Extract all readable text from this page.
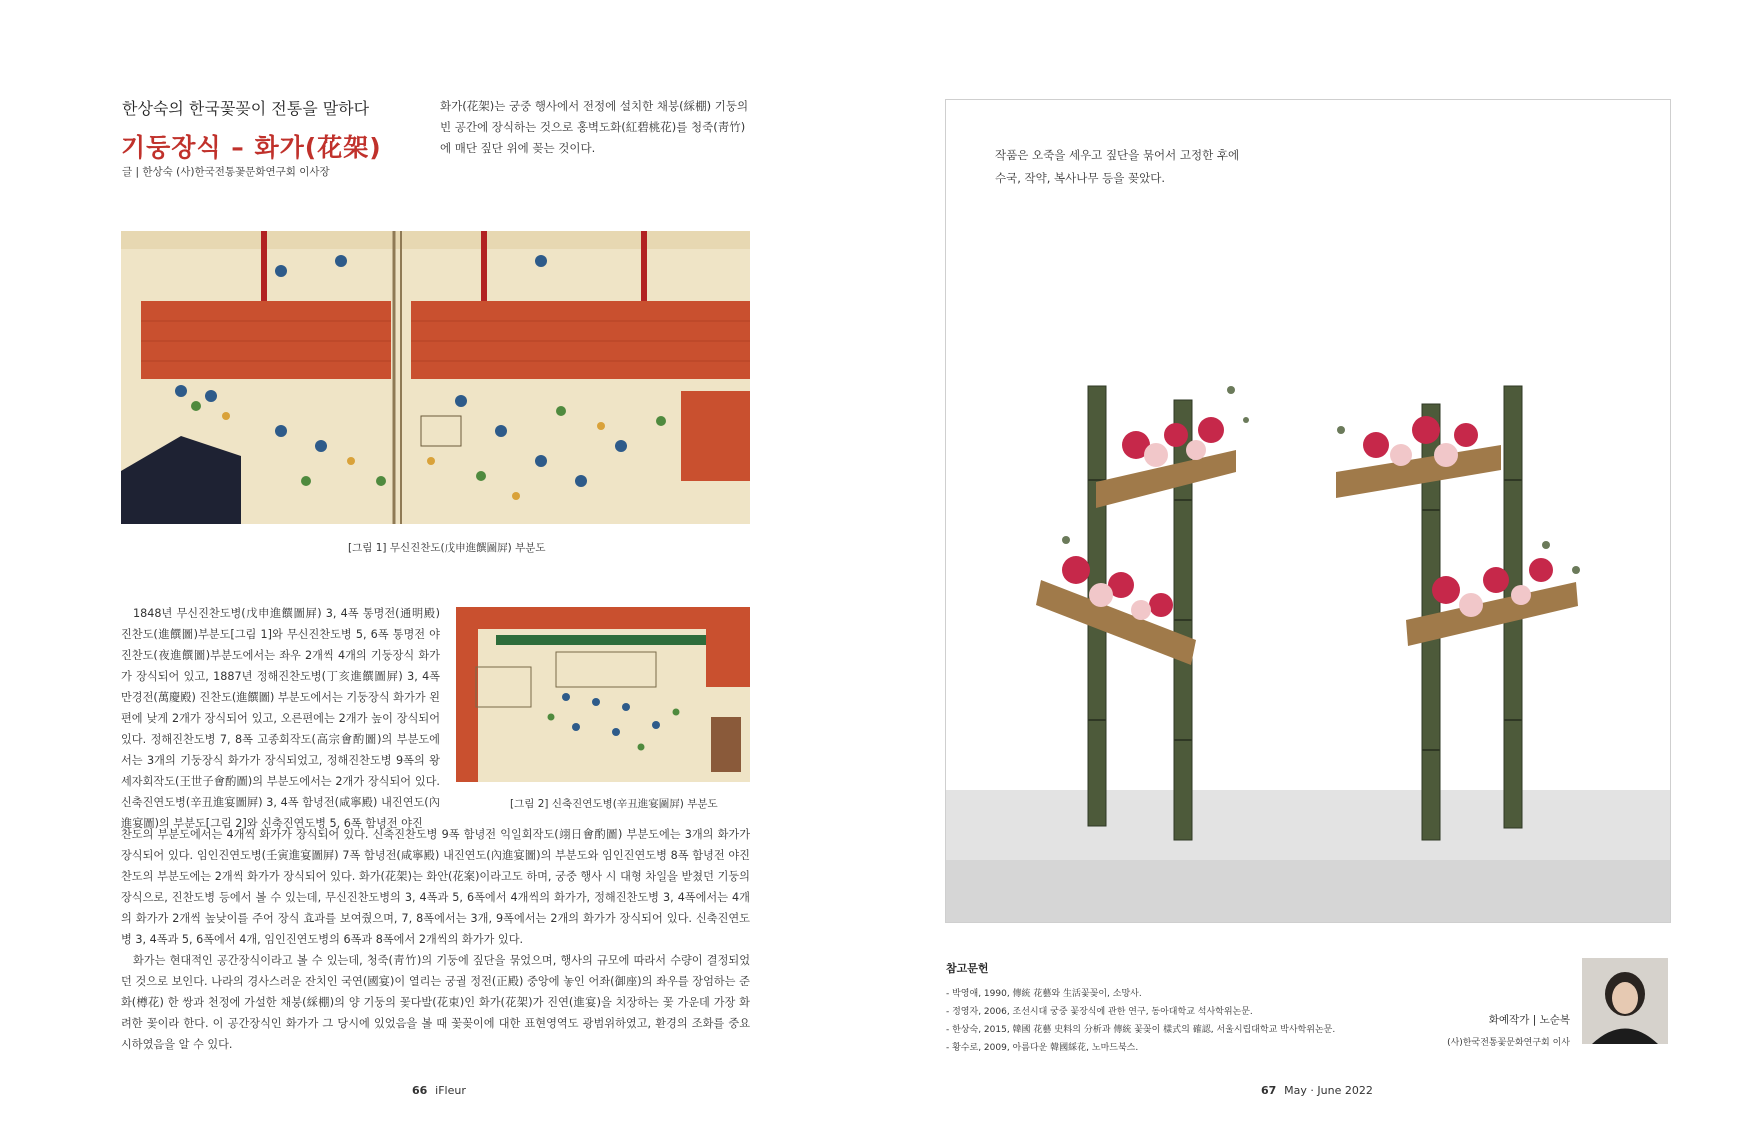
한상숙의 한국꽃꽂이 전통을 말하다
기둥장식 – 화가(花架)
글 | 한상숙 (사)한국전통꽃문화연구회 이사장
화가(花架)는 궁중 행사에서 전정에 설치한 채붕(綵棚) 기둥의 빈 공간에 장식하는 것으로 홍벽도화(紅碧桃花)를 청죽(靑竹)에 매단 짚단 위에 꽂는 것이다.
[그림 1] 무신진찬도(戊申進饌圖屛) 부분도
[그림 2] 신축진연도병(辛丑進宴圖屛) 부분도

1848년 무신진찬도병(戊申進饌圖屛) 3, 4폭 통명전(通明殿) 진찬도(進饌圖)부분도[그림 1]와 무신진찬도병 5, 6폭 통명전 야진찬도(夜進饌圖)부분도에서는 좌우 2개씩 4개의 기둥장식 화가가 장식되어 있고, 1887년 정해진찬도병(丁亥進饌圖屛) 3, 4폭 만경전(萬慶殿) 진찬도(進饌圖) 부분도에서는 기둥장식 화가가 왼편에 낮게 2개가 장식되어 있고, 오른편에는 2개가 높이 장식되어 있다. 정해진찬도병 7, 8폭 고종회작도(高宗會酌圖)의 부분도에서는 3개의 기둥장식 화가가 장식되었고, 정해진찬도병 9폭의 왕세자회작도(王世子會酌圖)의 부분도에서는 2개가 장식되어 있다. 신축진연도병(辛丑進宴圖屛) 3, 4폭 함녕전(咸寧殿) 내진연도(內進宴圖)의 부분도[그림 2]와 신축진연도병 5, 6폭 함녕전 야진

찬도의 부분도에서는 4개씩 화가가 장식되어 있다. 신축진찬도병 9폭 함녕전 익일회작도(翊日會酌圖) 부분도에는 3개의 화가가 장식되어 있다. 임인진연도병(壬寅進宴圖屛) 7폭 함녕전(咸寧殿) 내진연도(內進宴圖)의 부분도와 임인진연도병 8폭 함녕전 야진찬도의 부분도에는 2개씩 화가가 장식되어 있다. 화가(花架)는 화안(花案)이라고도 하며, 궁중 행사 시 대형 차일을 받쳤던 기둥의 장식으로, 진찬도병 등에서 볼 수 있는데, 무신진찬도병의 3, 4폭과 5, 6폭에서 4개씩의 화가가, 정해진찬도병 3, 4폭에서는 4개의 화가가 2개씩 높낮이를 주어 장식 효과를 보여줬으며, 7, 8폭에서는 3개, 9폭에서는 2개의 화가가 장식되어 있다. 신축진연도병 3, 4폭과 5, 6폭에서 4개, 임인진연도병의 6폭과 8폭에서 2개씩의 화가가 있다.

화가는 현대적인 공간장식이라고 볼 수 있는데, 청죽(靑竹)의 기둥에 짚단을 묶었으며, 행사의 규모에 따라서 수량이 결정되었던 것으로 보인다. 나라의 경사스러운 잔치인 국연(國宴)이 열리는 궁궐 정전(正殿) 중앙에 놓인 어좌(御座)의 좌우를 장엄하는 준화(樽花) 한 쌍과 천정에 가설한 채붕(綵棚)의 양 기둥의 꽃다발(花束)인 화가(花架)가 진연(進宴)을 치장하는 꽃 가운데 가장 화려한 꽃이라 한다. 이 공간장식인 화가가 그 당시에 있었음을 볼 때 꽃꽂이에 대한 표현영역도 광범위하였고, 환경의 조화를 중요시하였음을 알 수 있다.

66 iFleur
작품은 오죽을 세우고 짚단을 묶어서 고정한 후에
수국, 작약, 복사나무 등을 꽂았다.
참고문헌
- 박영애, 1990, 傳統 花藝와 生活꽃꽂이, 소망사.
- 정영자, 2006, 조선시대 궁중 꽃장식에 관한 연구, 동아대학교 석사학위논문.
- 한상숙, 2015, 韓國 花藝 史料의 分析과 傳統 꽃꽂이 樣式의 確認, 서울시립대학교 박사학위논문.
- 황수로, 2009, 아름다운 韓國綵花, 노마드북스.
화예작가 | 노순복
(사)한국전통꽃문화연구회 이사
67 May · June 2022
